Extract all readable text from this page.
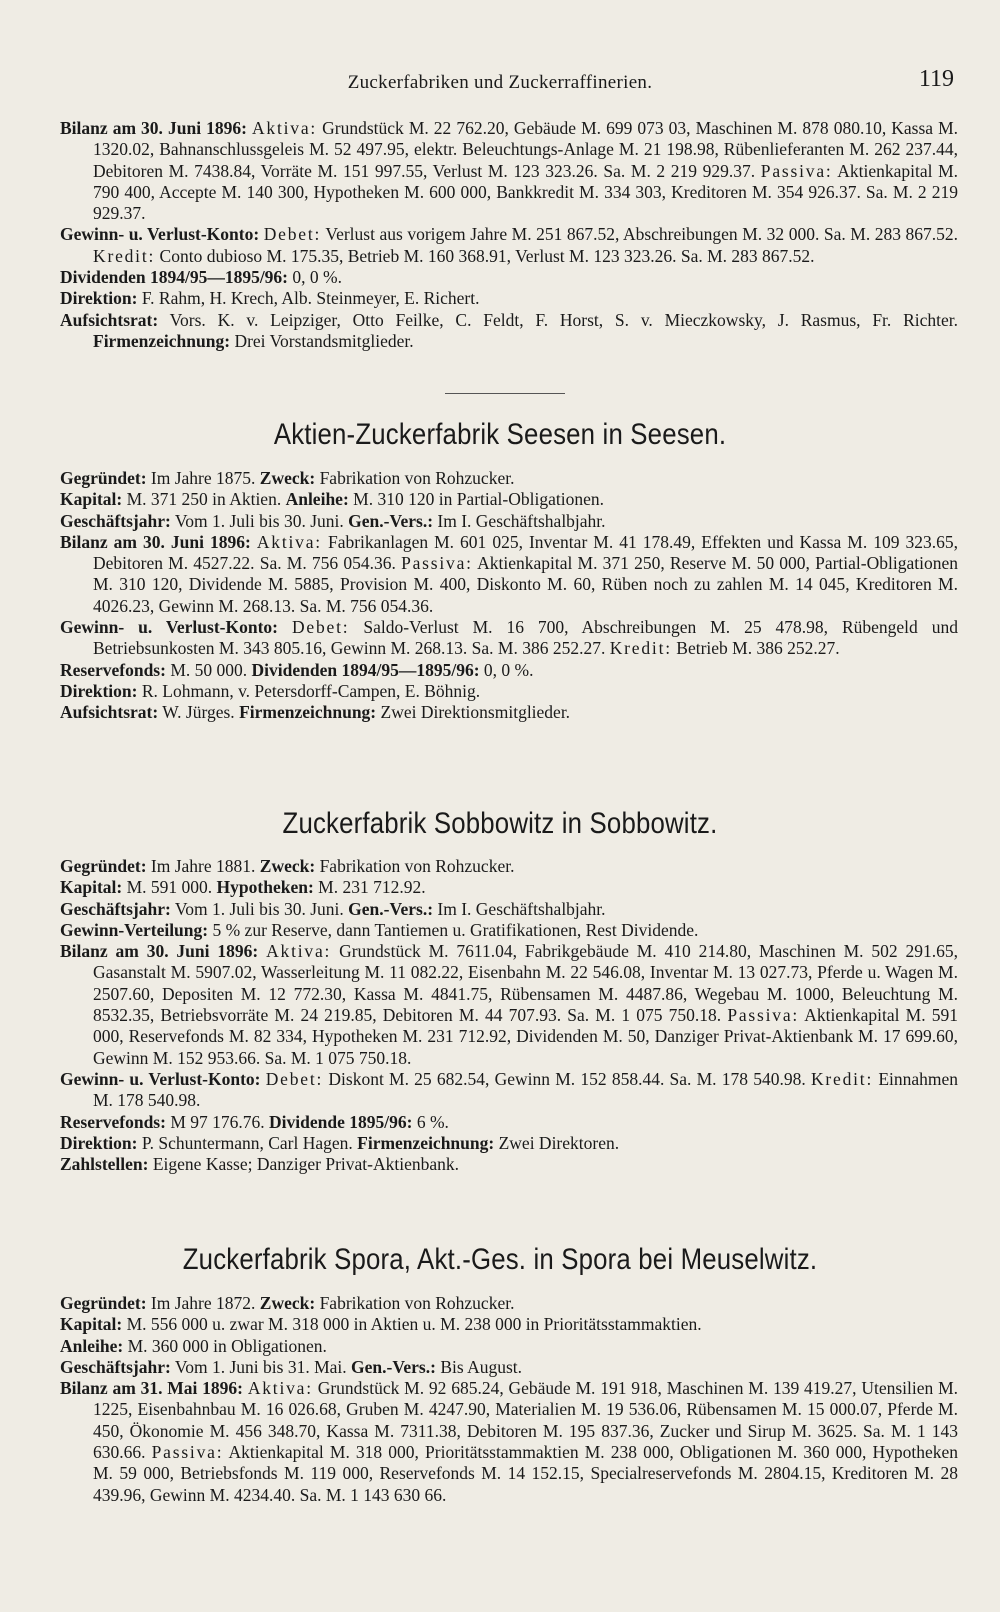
Zuckerfabriken und Zuckerraffinerien.	119

Bilanz am 30. Juni 1896: Aktiva: Grundstück M. 22 762.20, Gebäude M. 699 073 03, Maschinen M. 878 080.10, Kassa M. 1320.02, Bahnanschlussgeleis M. 52 497.95, elektr. Beleuchtungs-Anlage M. 21 198.98, Rübenlieferanten M. 262 237.44, Debitoren M. 7438.84, Vorräte M. 151 997.55, Verlust M. 123 323.26. Sa. M. 2 219 929.37. Passiva: Aktienkapital M. 790 400, Accepte M. 140 300, Hypotheken M. 600 000, Bankkredit M. 334 303, Kreditoren M. 354 926.37. Sa. M. 2 219 929.37.

Gewinn- u. Verlust-Konto: Debet: Verlust aus vorigem Jahre M. 251 867.52, Abschreibungen M. 32 000. Sa. M. 283 867.52. Kredit: Conto dubioso M. 175.35, Betrieb M. 160 368.91, Verlust M. 123 323.26. Sa. M. 283 867.52.

Dividenden 1894/95—1895/96: 0, 0 %.

Direktion: F. Rahm, H. Krech, Alb. Steinmeyer, E. Richert.

Aufsichtsrat: Vors. K. v. Leipziger, Otto Feilke, C. Feldt, F. Horst, S. v. Mieczkowsky, J. Rasmus, Fr. Richter. Firmenzeichnung: Drei Vorstandsmitglieder.

Aktien-Zuckerfabrik Seesen in Seesen.

Gegründet: Im Jahre 1875. Zweck: Fabrikation von Rohzucker.

Kapital: M. 371 250 in Aktien. Anleihe: M. 310 120 in Partial-Obligationen.

Geschäftsjahr: Vom 1. Juli bis 30. Juni. Gen.-Vers.: Im I. Geschäftshalbjahr.

Bilanz am 30. Juni 1896: Aktiva: Fabrikanlagen M. 601 025, Inventar M. 41 178.49, Effekten und Kassa M. 109 323.65, Debitoren M. 4527.22. Sa. M. 756 054.36. Passiva: Aktienkapital M. 371 250, Reserve M. 50 000, Partial-Obligationen M. 310 120, Dividende M. 5885, Provision M. 400, Diskonto M. 60, Rüben noch zu zahlen M. 14 045, Kreditoren M. 4026.23, Gewinn M. 268.13. Sa. M. 756 054.36.

Gewinn- u. Verlust-Konto: Debet: Saldo-Verlust M. 16 700, Abschreibungen M. 25 478.98, Rübengeld und Betriebsunkosten M. 343 805.16, Gewinn M. 268.13. Sa. M. 386 252.27. Kredit: Betrieb M. 386 252.27.

Reservefonds: M. 50 000. Dividenden 1894/95—1895/96: 0, 0 %.

Direktion: R. Lohmann, v. Petersdorff-Campen, E. Böhnig.

Aufsichtsrat: W. Jürges. Firmenzeichnung: Zwei Direktionsmitglieder.

Zuckerfabrik Sobbowitz in Sobbowitz.

Gegründet: Im Jahre 1881. Zweck: Fabrikation von Rohzucker.

Kapital: M. 591 000. Hypotheken: M. 231 712.92.

Geschäftsjahr: Vom 1. Juli bis 30. Juni. Gen.-Vers.: Im I. Geschäftshalbjahr.

Gewinn-Verteilung: 5 % zur Reserve, dann Tantiemen u. Gratifikationen, Rest Dividende.

Bilanz am 30. Juni 1896: Aktiva: Grundstück M. 7611.04, Fabrikgebäude M. 410 214.80, Maschinen M. 502 291.65, Gasanstalt M. 5907.02, Wasserleitung M. 11 082.22, Eisenbahn M. 22 546.08, Inventar M. 13 027.73, Pferde u. Wagen M. 2507.60, Depositen M. 12 772.30, Kassa M. 4841.75, Rübensamen M. 4487.86, Wegebau M. 1000, Beleuchtung M. 8532.35, Betriebsvorräte M. 24 219.85, Debitoren M. 44 707.93. Sa. M. 1 075 750.18. Passiva: Aktienkapital M. 591 000, Reservefonds M. 82 334, Hypotheken M. 231 712.92, Dividenden M. 50, Danziger Privat-Aktienbank M. 17 699.60, Gewinn M. 152 953.66. Sa. M. 1 075 750.18.

Gewinn- u. Verlust-Konto: Debet: Diskont M. 25 682.54, Gewinn M. 152 858.44. Sa. M. 178 540.98. Kredit: Einnahmen M. 178 540.98.

Reservefonds: M 97 176.76. Dividende 1895/96: 6 %.

Direktion: P. Schuntermann, Carl Hagen. Firmenzeichnung: Zwei Direktoren.

Zahlstellen: Eigene Kasse; Danziger Privat-Aktienbank.

Zuckerfabrik Spora, Akt.-Ges. in Spora bei Meuselwitz.

Gegründet: Im Jahre 1872. Zweck: Fabrikation von Rohzucker.

Kapital: M. 556 000 u. zwar M. 318 000 in Aktien u. M. 238 000 in Prioritätsstammaktien.

Anleihe: M. 360 000 in Obligationen.

Geschäftsjahr: Vom 1. Juni bis 31. Mai. Gen.-Vers.: Bis August.

Bilanz am 31. Mai 1896: Aktiva: Grundstück M. 92 685.24, Gebäude M. 191 918, Maschinen M. 139 419.27, Utensilien M. 1225, Eisenbahnbau M. 16 026.68, Gruben M. 4247.90, Materialien M. 19 536.06, Rübensamen M. 15 000.07, Pferde M. 450, Ökonomie M. 456 348.70, Kassa M. 7311.38, Debitoren M. 195 837.36, Zucker und Sirup M. 3625. Sa. M. 1 143 630.66. Passiva: Aktienkapital M. 318 000, Prioritätsstammaktien M. 238 000, Obligationen M. 360 000, Hypotheken M. 59 000, Betriebsfonds M. 119 000, Reservefonds M. 14 152.15, Specialreservefonds M. 2804.15, Kreditoren M. 28 439.96, Gewinn M. 4234.40. Sa. M. 1 143 630 66.
